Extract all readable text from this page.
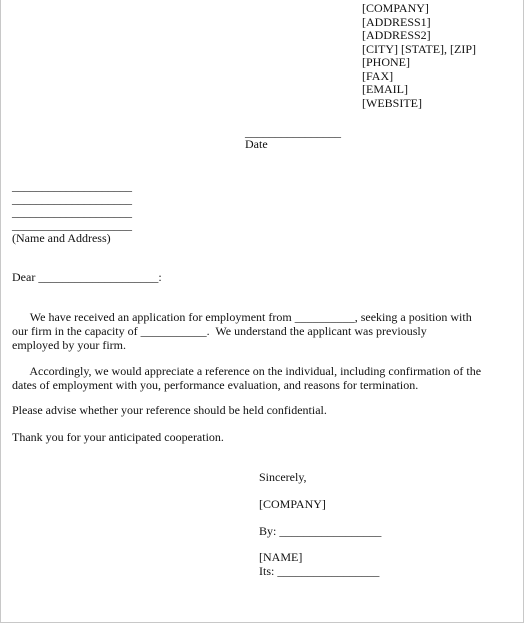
[COMPANY]
[ADDRESS1]
[ADDRESS2]
[CITY] [STATE], [ZIP]
[PHONE]
[FAX]
[EMAIL]
[WEBSITE]
________________
Date
____________________
____________________
____________________
____________________
(Name and Address)
Dear ____________________:
We have received an application for employment from __________, seeking a position with
our firm in the capacity of ___________.  We understand the applicant was previously
employed by your firm.
Accordingly, we would appreciate a reference on the individual, including confirmation of the
dates of employment with you, performance evaluation, and reasons for termination.
Please advise whether your reference should be held confidential.
Thank you for your anticipated cooperation.
Sincerely,
[COMPANY]
By: _________________
[NAME]
Its: _________________
